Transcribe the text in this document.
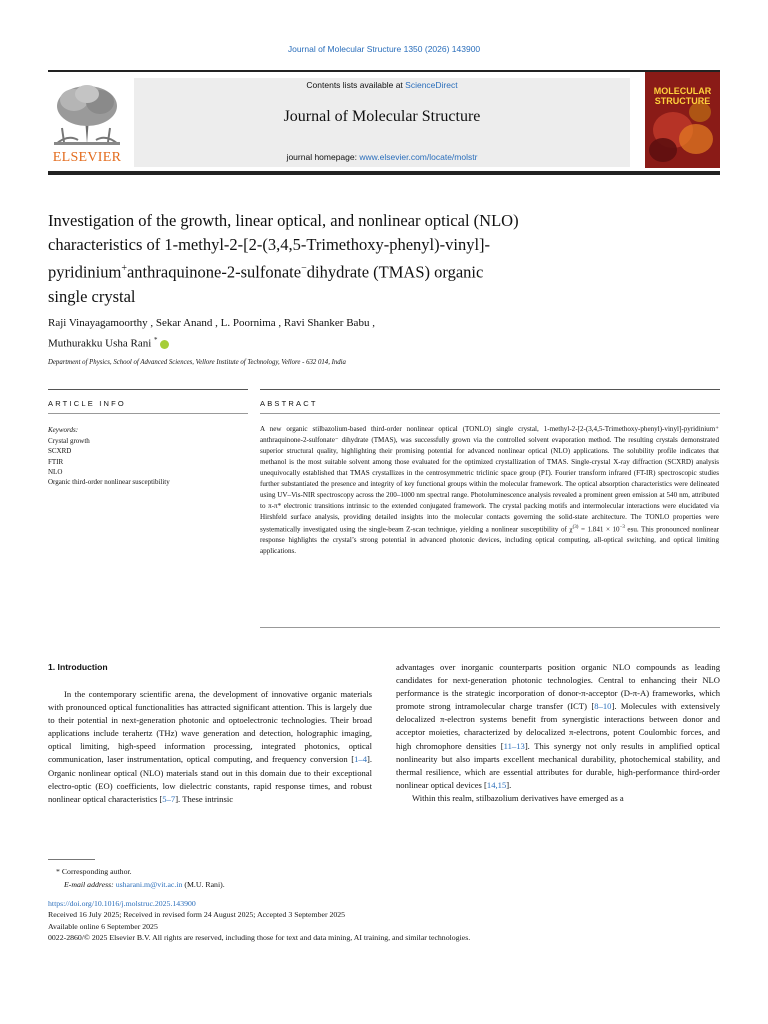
Journal of Molecular Structure 1350 (2026) 143900
ELSEVIER
Contents lists available at ScienceDirect
Journal of Molecular Structure
journal homepage: www.elsevier.com/locate/molstr
MOLECULAR
STRUCTURE
Investigation of the growth, linear optical, and nonlinear optical (NLO)
characteristics of 1-methyl-2-[2-(3,4,5-Trimethoxy-phenyl)-vinyl]-
pyridinium+anthraquinone-2-sulfonate−dihydrate (TMAS) organic
single crystal
Raji Vinayagamoorthy , Sekar Anand , L. Poornima , Ravi Shanker Babu ,
Muthurakku Usha Rani *
Department of Physics, School of Advanced Sciences, Vellore Institute of Technology, Vellore - 632 014, India
ARTICLE INFO	ABSTRACT
Keywords:
Crystal growth
SCXRD
FTIR
NLO
Organic third-order nonlinear susceptibility
A new organic stilbazolium-based third-order nonlinear optical (TONLO) single crystal, 1-methyl-2-[2-(3,4,5-Trimethoxy-phenyl)-vinyl]-pyridinium⁺ anthraquinone-2-sulfonate⁻ dihydrate (TMAS), was successfully grown via the controlled solvent evaporation method. The resulting crystals demonstrated superior structural quality, highlighting their promising potential for advanced nonlinear optical (NLO) applications. The solubility profile indicates that methanol is the most suitable solvent among those evaluated for the optimized crystallization of TMAS. Single-crystal X-ray diffraction (SCXRD) analysis unequivocally established that TMAS crystallizes in the centrosymmetric triclinic space group (P1̄). Fourier transform infrared (FT-IR) spectroscopic studies further substantiated the presence and integrity of key functional groups within the molecular framework. The optical absorption characteristics were delineated using UV–Vis-NIR spectroscopy across the 200–1000 nm spectral range. Photoluminescence analysis revealed a prominent green emission at 540 nm, attributed to π-π* electronic transitions intrinsic to the extended conjugated framework. The crystal packing motifs and intermolecular interactions were elucidated via Hirshfeld surface analysis, providing detailed insights into the molecular contacts governing the solid-state architecture. The TONLO properties were systematically investigated using the single-beam Z-scan technique, yielding a nonlinear susceptibility of $\chi^{(3)} = 1.841 \times 10^{-3}$ esu. This pronounced nonlinear response highlights the crystal’s strong potential in advanced photonic devices, including optical computing, all-optical switching, and optical limiting applications.
1. Introduction

In the contemporary scientific arena, the development of innovative organic materials with pronounced optical functionalities has attracted significant attention. This is largely due to their potential in next-generation photonic and optoelectronic technologies. Their broad applications include terahertz (THz) wave generation and detection, holographic imaging, optical limiting, high-speed information processing, integrated photonics, optical communication, laser instrumentation, optical computing, and frequency conversion [1–4]. Organic nonlinear optical (NLO) materials stand out in this domain due to their exceptional electro-optic (EO) coefficients, low dielectric constants, rapid response times, and robust nonlinear optical characteristics [5–7]. These intrinsic

advantages over inorganic counterparts position organic NLO compounds as leading candidates for next-generation photonic technologies. Central to enhancing their NLO performance is the strategic incorporation of donor-π-acceptor (D-π-A) frameworks, which promote strong intramolecular charge transfer (ICT) [8–10]. Molecules with extensively delocalized π-electron systems benefit from synergistic interactions between donor and acceptor moieties, characterized by delocalized π-electrons, potent Coulombic forces, and high chromophore densities [11–13]. This synergy not only results in amplified optical nonlinearity but also imparts excellent mechanical durability, photochemical stability, and thermal resilience, which are essential attributes for durable, high-performance third-order nonlinear optical devices [14,15].

Within this realm, stilbazolium derivatives have emerged as a

* Corresponding author.
E-mail address: usharani.m@vit.ac.in (M.U. Rani).
https://doi.org/10.1016/j.molstruc.2025.143900
Received 16 July 2025; Received in revised form 24 August 2025; Accepted 3 September 2025
Available online 6 September 2025
0022-2860/© 2025 Elsevier B.V. All rights are reserved, including those for text and data mining, AI training, and similar technologies.
